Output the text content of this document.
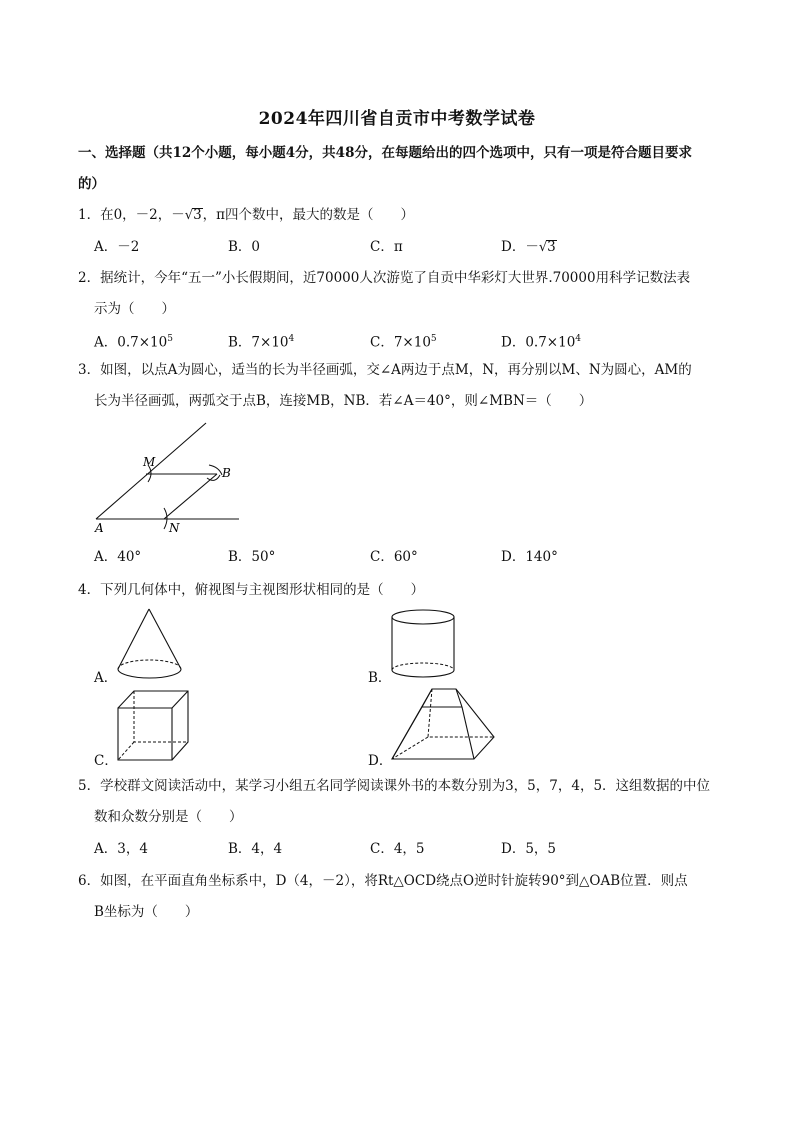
2024年四川省自贡市中考数学试卷
一、选择题（共12个小题，每小题4分，共48分，在每题给出的四个选项中，只有一项是符合题目要求
的）
1．在0，－2，－√3，π四个数中，最大的数是（　　）
A．－2	B．0	C．π	D．－√3
2．据统计，今年“五一”小长假期间，近70000人次游览了自贡中华彩灯大世界.70000用科学记数法表
示为（　　）
A．$0.7\times 10^5$	B．$7\times 10^4$	C．$7\times 10^5$	D．$0.7\times 10^4$
3．如图，以点A为圆心，适当的长为半径画弧，交∠A两边于点M，N，再分别以M、N为圆心，AM的
长为半径画弧，两弧交于点B，连接MB，NB．若∠A＝40°，则∠MBN＝（　　）
M
B
A	N
A．40°	B．50°	C．60°	D．140°
4．下列几何体中，俯视图与主视图形状相同的是（　　）
A．	B．
C．	D．
5．学校群文阅读活动中，某学习小组五名同学阅读课外书的本数分别为3，5，7，4，5．这组数据的中位
数和众数分别是（　　）
A．3，4	B．4，4	C．4，5	D．5，5
6．如图，在平面直角坐标系中，D（4，－2），将Rt△OCD绕点O逆时针旋转90°到△OAB位置．则点
B坐标为（　　）
